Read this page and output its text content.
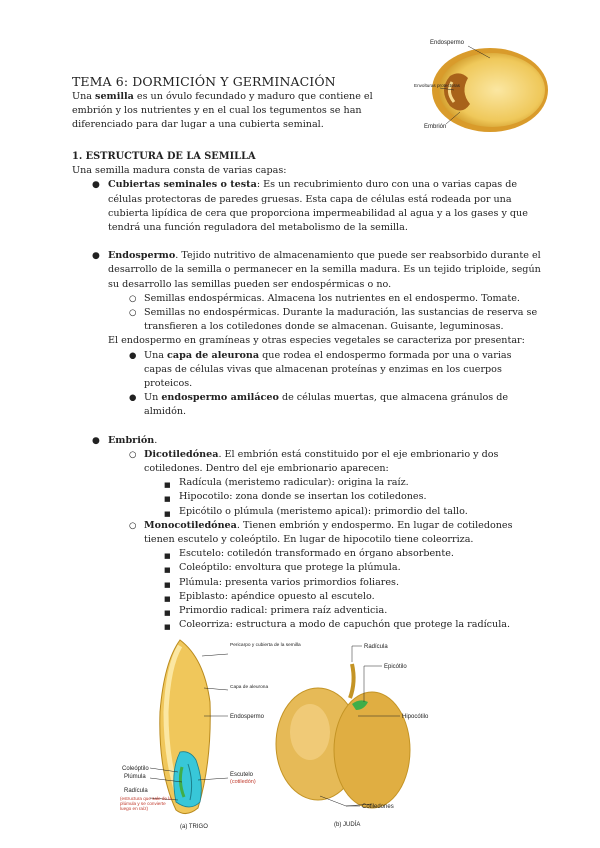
Endospermo
Envolturas protectoras
Embrión
TEMA 6: DORMICIÓN Y GERMINACIÓN
Una semilla es un óvulo fecundado y maduro que contiene el embrión y los nutrientes y en el cual los tegumentos se han diferenciado para dar lugar a una cubierta seminal.
1. ESTRUCTURA DE LA SEMILLA
Una semilla madura consta de varias capas:
● Cubiertas seminales o testa: Es un recubrimiento duro con una o varias capas de células protectoras de paredes gruesas. Esta capa de células está rodeada por una cubierta lipídica de cera que proporciona impermeabilidad al agua y a los gases y que tendrá una función reguladora del metabolismo de la semilla.
● Endospermo. Tejido nutritivo de almacenamiento que puede ser reabsorbido durante el desarrollo de la semilla o permanecer en la semilla madura. Es un tejido triploide, según su desarrollo las semillas pueden ser endospérmicas o no.
○ Semillas endospérmicas. Almacena los nutrientes en el endospermo. Tomate.
○ Semillas no endospérmicas. Durante la maduración, las sustancias de reserva se transfieren a los cotiledones donde se almacenan. Guisante, leguminosas.
El endospermo en gramíneas y otras especies vegetales se caracteriza por presentar:
● Una capa de aleurona que rodea el endospermo formada por una o varias capas de células vivas que almacenan proteínas y enzimas en los cuerpos proteicos.
● Un endospermo amiláceo de células muertas, que almacena gránulos de almidón.
● Embrión.
○ Dicotiledónea. El embrión está constituido por el eje embrionario y dos cotiledones. Dentro del eje embrionario aparecen:
■ Radícula (meristemo radicular): origina la raíz.
■ Hipocotilo: zona donde se insertan los cotiledones.
■ Epicótilo o plúmula (meristemo apical): primordio del tallo.
○ Monocotiledónea. Tienen embrión y endospermo. En lugar de cotiledones tienen escutelo y coleóptilo. En lugar de hipocotilo tiene coleorriza.
■ Escutelo: cotiledón transformado en órgano absorbente.
■ Coleóptilo: envoltura que protege la plúmula.
■ Plúmula: presenta varios primordios foliares.
■ Epiblasto: apéndice opuesto al escutelo.
■ Primordio radical: primera raíz adventicia.
■ Coleorriza: estructura a modo de capuchón que protege la radícula.
Pericarpo y cubierta de la semilla
Capa de aleurona
Endospermo
Coleóptilo
Plúmula	Escutelo
(cotiledón)
Radícula
(estructura que sale de la plúmula y se convierte luego en raíz)
(a) TRIGO
Radícula
Epicótilo
Hipocótilo
Cotiledones
(b) JUDÍA
